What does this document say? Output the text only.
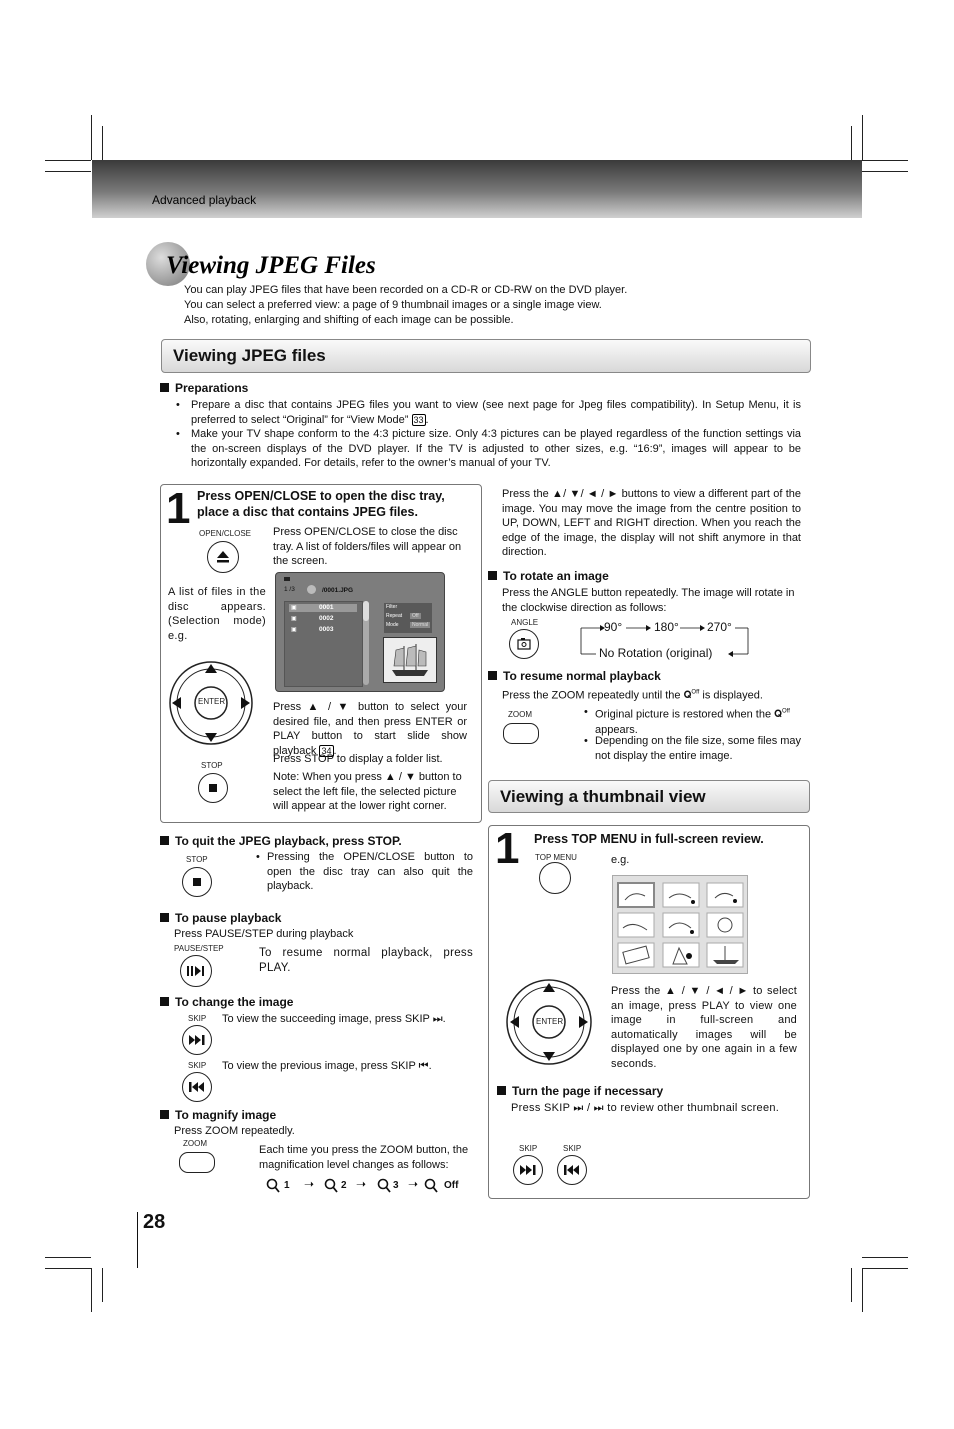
Advanced playback
Viewing JPEG Files
You can play JPEG files that have been recorded on a CD-R or CD-RW on the DVD player.
You can select a preferred view: a page of 9 thumbnail images or a single image view.
Also, rotating, enlarging and shifting of each image can be possible.
Viewing JPEG files
Preparations
• Prepare a disc that contains JPEG files you want to view (see next page for Jpeg files compatibility). In Setup Menu, it is preferred to select “Original” for “View Mode” 33 .
• Make your TV shape conform to the 4:3 picture size. Only 4:3 pictures can be played regardless of the function settings via the on-screen displays of the DVD player. If the TV is adjusted to other sizes, e.g. “16:9”, images will appear to be horizontally expanded. For details, refer to the owner’s manual of your TV.
1 Press OPEN/CLOSE to open the disc tray, place a disc that contains JPEG files.
OPEN/CLOSE Press OPEN/CLOSE to close the disc tray. A list of folders/files will appear on the screen.
A list of files in the disc appears. (Selection mode) e.g.
1 /3	/0001.JPG
▣	0001
▣	0002
▣	0003
Filter
Repeat	Off
Mode	Normal
ENTER	Press ▲ / ▼ button to select your desired file, and then press ENTER or PLAY button to start slide show playback 34 .
Press STOP to display a folder list.
Note: When you press ▲ / ▼ button to select the left file, the selected picture will appear at the lower right corner.
STOP
Press the ▲/ ▼/ ◄ / ► buttons to view a different part of the image. You may move the image from the centre position to UP, DOWN, LEFT and RIGHT direction. When you reach the edge of the image, the display will not shift anymore in that direction.
To rotate an image
Press the ANGLE button repeatedly. The image will rotate in the clockwise direction as follows:
ANGLE	90°	180° 270°
No Rotation (original)
To resume normal playback
Press the ZOOM repeatedly until the 𝐐$^{Off}$ is displayed.
ZOOM	• Original picture is restored when the 𝐐$^{Off}$
appears.
• Depending on the file size, some files may not display the entire image.
Viewing a thumbnail view
To quit the JPEG playback, press STOP.
STOP	• Pressing the OPEN/CLOSE button to open the disc tray can also quit the playback.
To pause playback
Press PAUSE/STEP during playback
PAUSE/STEP	To resume normal playback, press PLAY.
To change the image
SKIP To view the succeeding image, press SKIP ⏭.
SKIP To view the previous image, press SKIP ⏮.
To magnify image
Press ZOOM repeatedly.
ZOOM
Each time you press the ZOOM button, the magnification level changes as follows:
1 ➝	2 ➝	3 ➝	Off
1 Press TOP MENU in full-screen review.
TOP MENU	e.g.
ENTER
Press the ▲ / ▼ / ◄ / ► to select an image, press PLAY to view one image in full-screen and automatically images will be displayed one by one again in a few seconds.
Turn the page if necessary
Press SKIP ⏭ / ⏭ to review other thumbnail screen.
SKIP	SKIP
28
